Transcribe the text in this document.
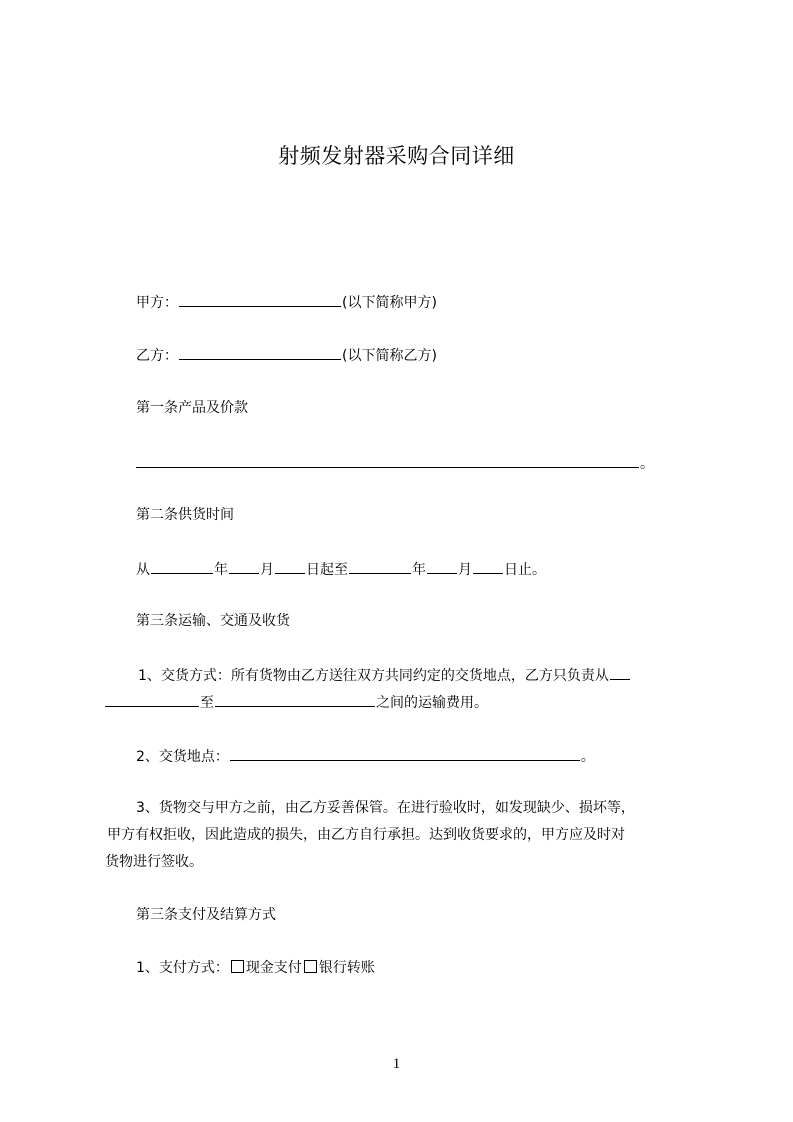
射频发射器采购合同详细
甲方：	(以下简称甲方)
乙方：	(以下简称乙方)
第一条产品及价款
。
第二条供货时间
从	年 月 日起至	年 月 日止。
第三条运输、交通及收货
1、交货方式：所有货物由乙方送往双方共同约定的交货地点，乙方只负责从
至	之间的运输费用。
2、交货地点：	。
3、货物交与甲方之前，由乙方妥善保管。在进行验收时，如发现缺少、损坏等，
甲方有权拒收，因此造成的损失，由乙方自行承担。达到收货要求的，甲方应及时对
货物进行签收。
第三条支付及结算方式
1、支付方式： 现金支付 银行转账
1
